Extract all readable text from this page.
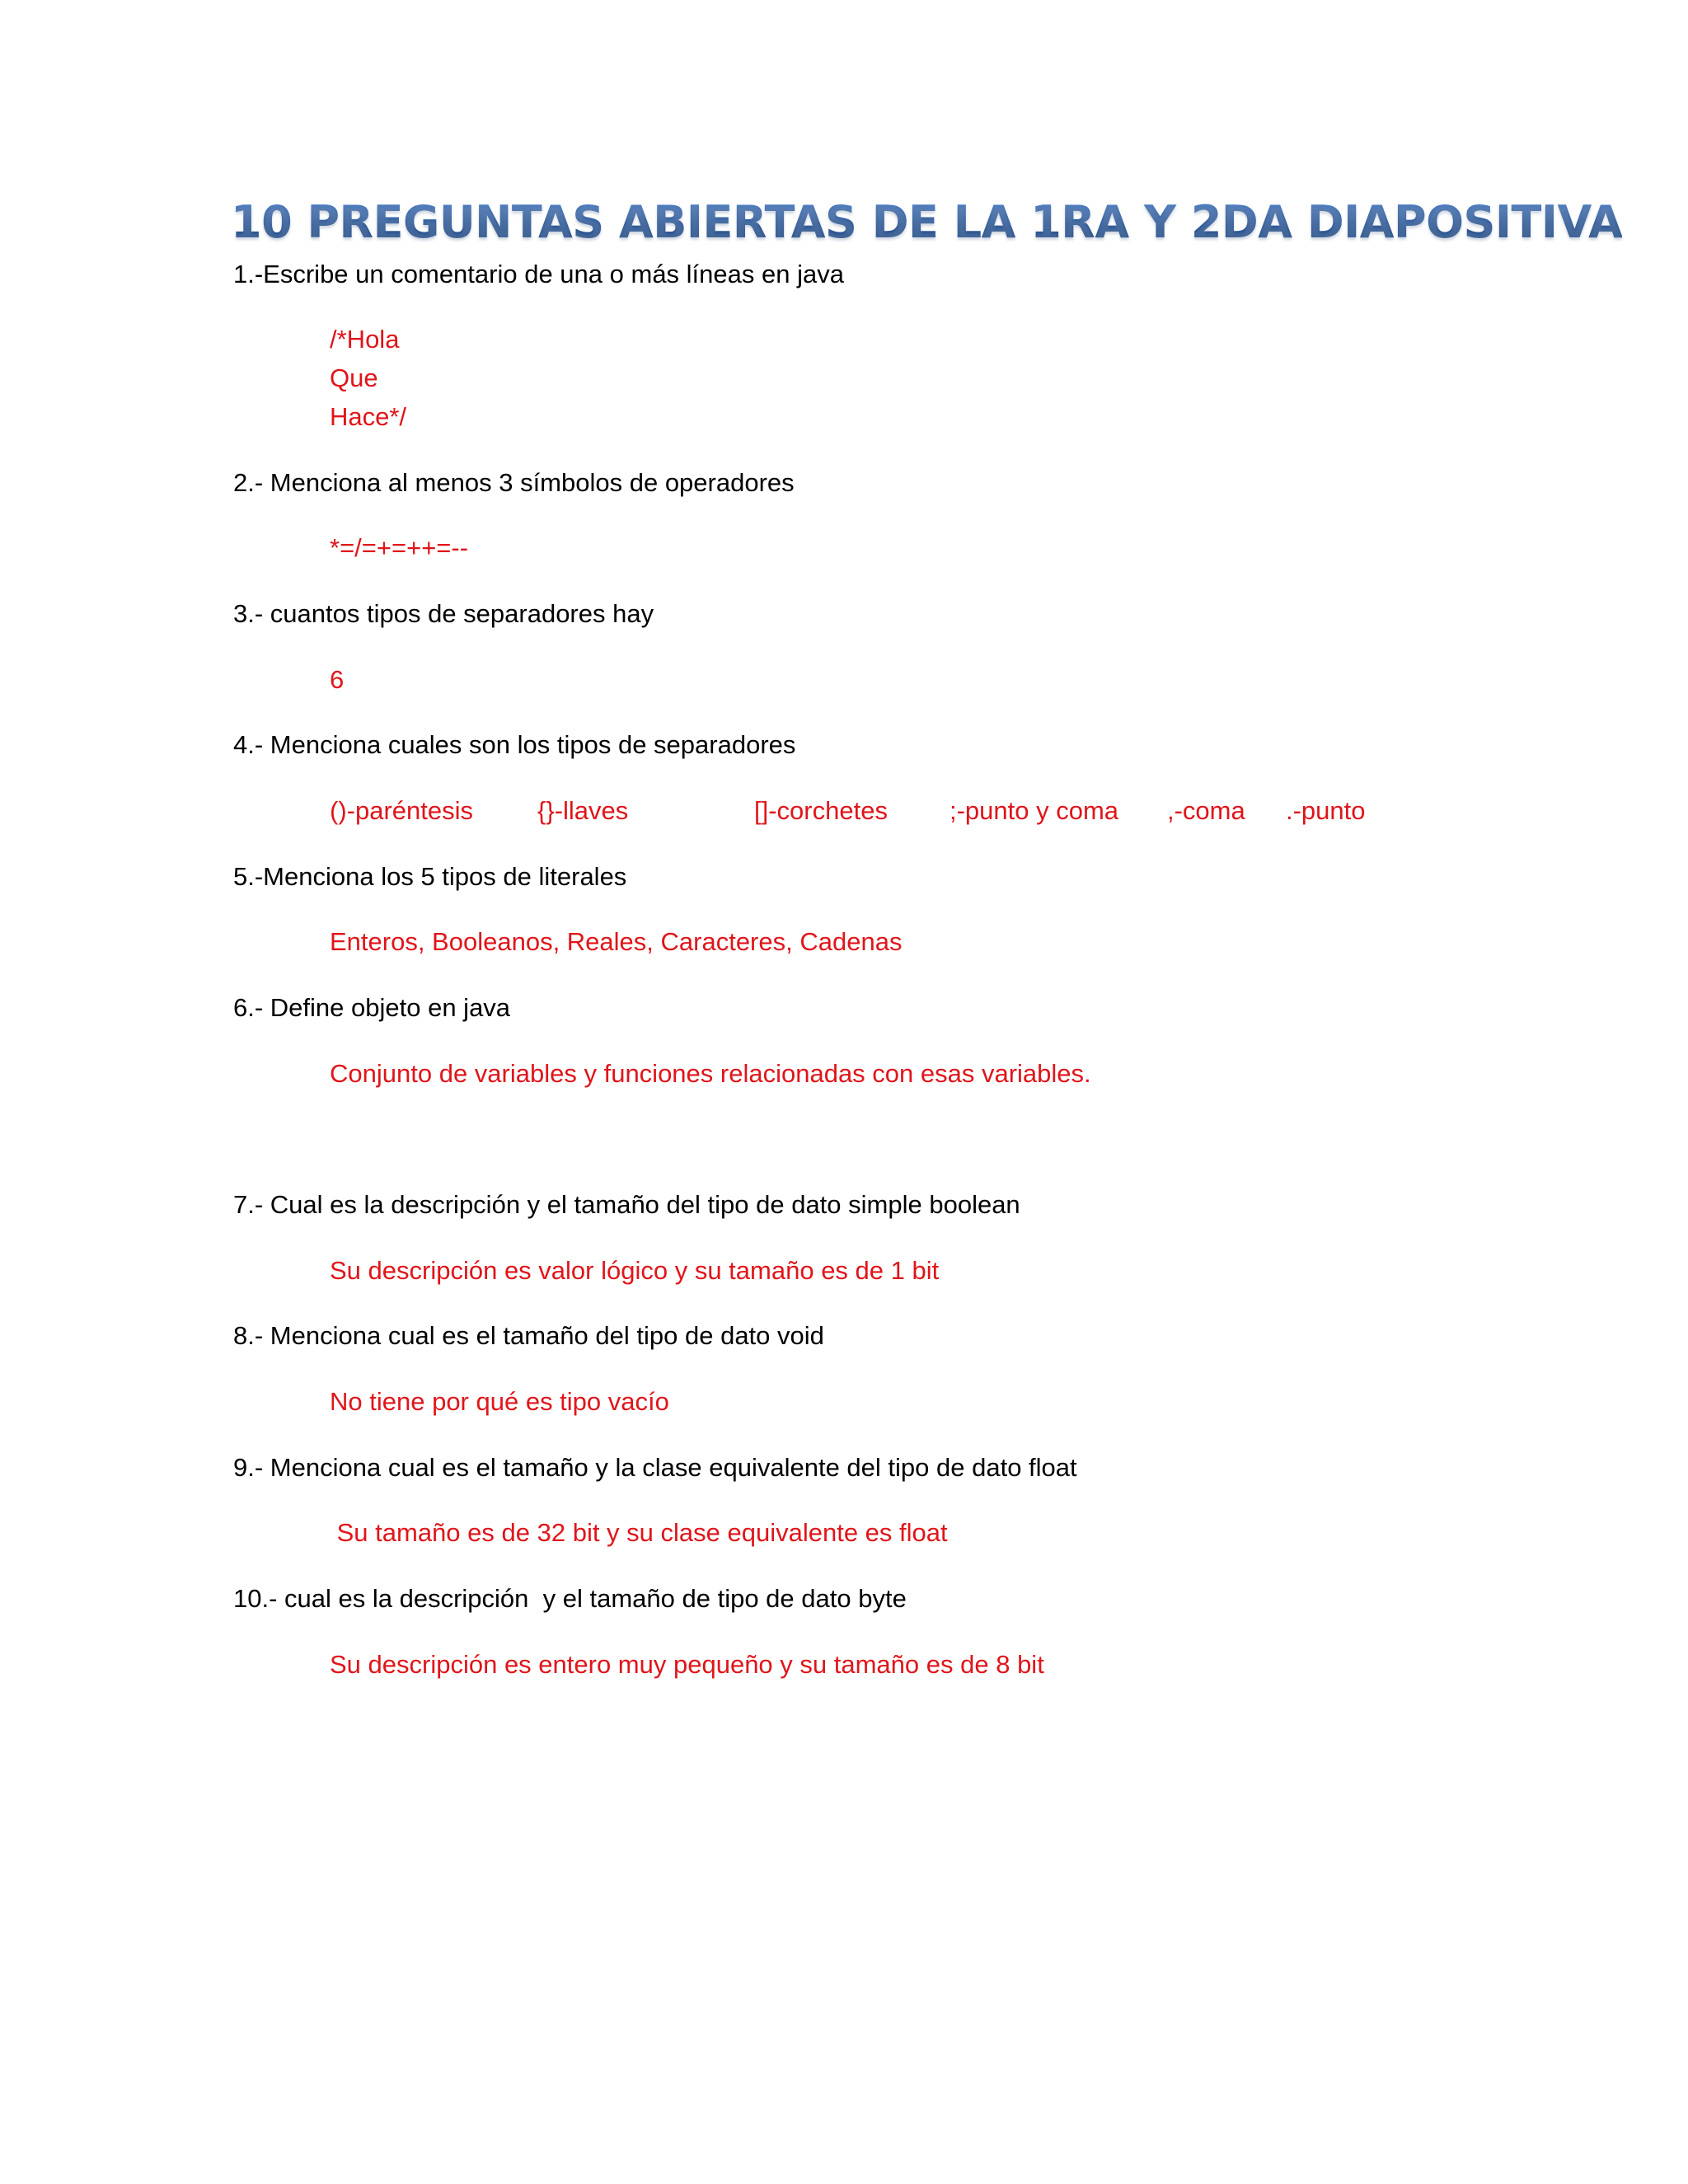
10 PREGUNTAS ABIERTAS DE LA 1RA Y 2DA DIAPOSITIVA
1.-Escribe un comentario de una o más líneas en java
/*Hola
Que
Hace*/
2.- Menciona al menos 3 símbolos de operadores
*=/=+=++=--
3.- cuantos tipos de separadores hay
6
4.- Menciona cuales son los tipos de separadores
()-paréntesis	{}-llaves	[]-corchetes ;-punto y coma ,-coma .-punto
5.-Menciona los 5 tipos de literales
Enteros, Booleanos, Reales, Caracteres, Cadenas
6.- Define objeto en java
Conjunto de variables y funciones relacionadas con esas variables.
7.- Cual es la descripción y el tamaño del tipo de dato simple boolean
Su descripción es valor lógico y su tamaño es de 1 bit
8.- Menciona cual es el tamaño del tipo de dato void
No tiene por qué es tipo vacío
9.- Menciona cual es el tamaño y la clase equivalente del tipo de dato float
Su tamaño es de 32 bit y su clase equivalente es float
10.- cual es la descripción  y el tamaño de tipo de dato byte
Su descripción es entero muy pequeño y su tamaño es de 8 bit
